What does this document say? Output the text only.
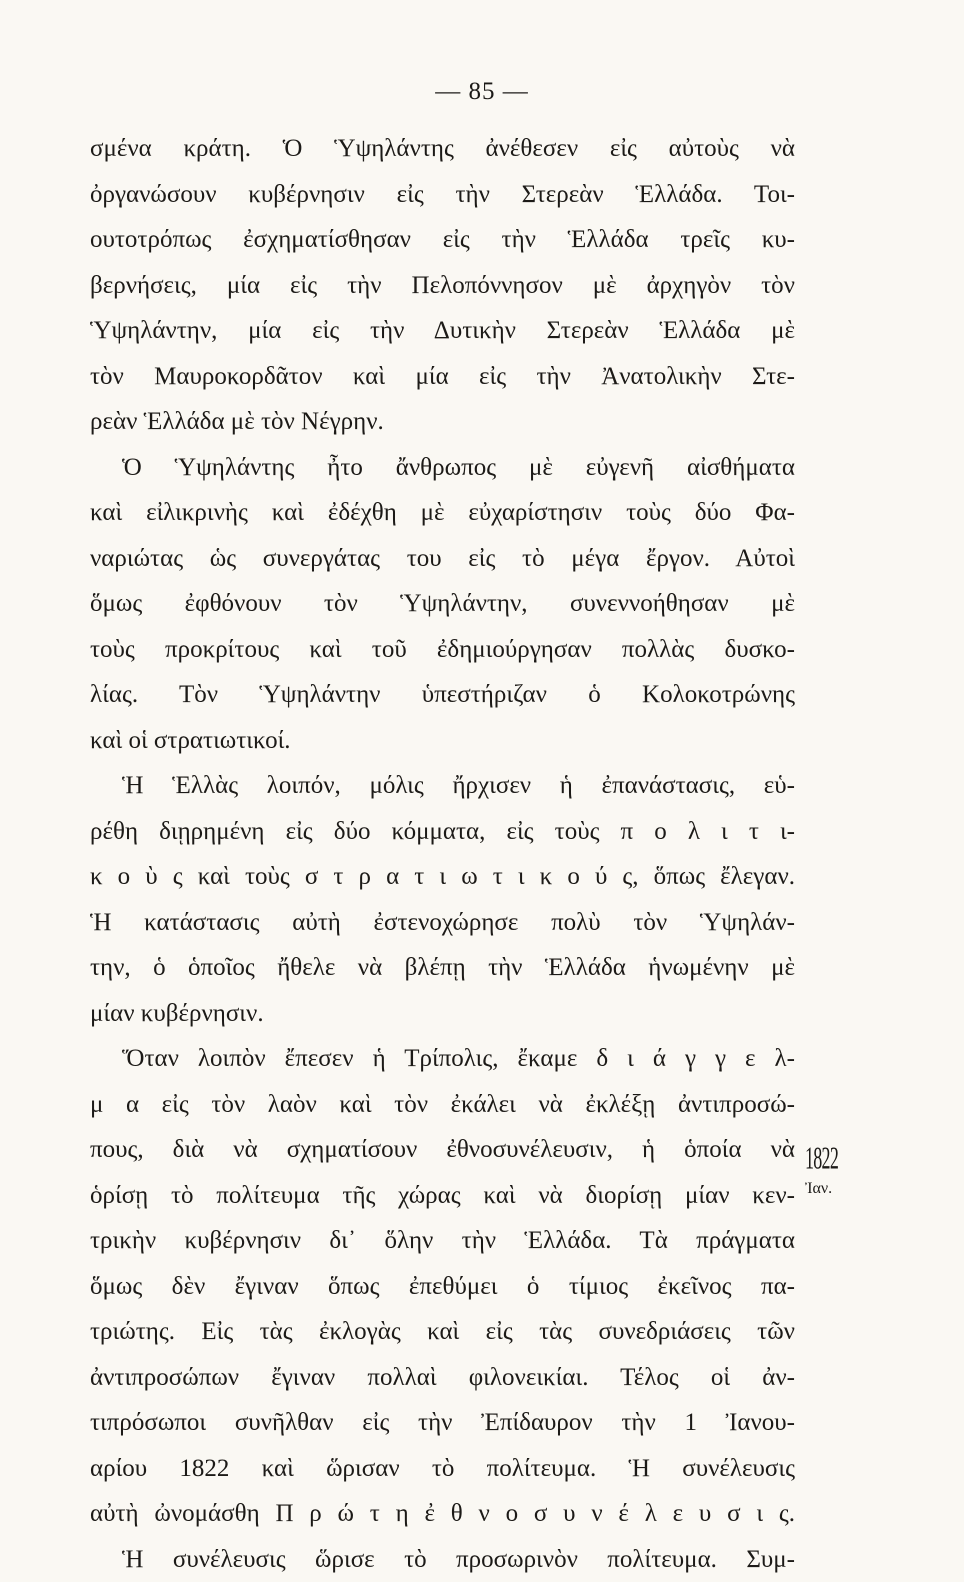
— 85 —
σμένα κράτη. Ὁ Ὑψηλάντης ἀνέθεσεν εἰς αὐτοὺς νὰ
ὀργανώσουν κυβέρνησιν εἰς τὴν Στερεὰν Ἑλλάδα. Τοι-
ουτοτρόπως ἐσχηματίσθησαν εἰς τὴν Ἑλλάδα τρεῖς κυ-
βερνήσεις, μία εἰς τὴν Πελοπόννησον μὲ ἀρχηγὸν τὸν
Ὑψηλάντην, μία εἰς τὴν Δυτικὴν Στερεὰν Ἑλλάδα μὲ
τὸν Μαυροκορδᾶτον καὶ μία εἰς τὴν Ἀνατολικὴν Στε-
ρεὰν Ἑλλάδα μὲ τὸν Νέγρην.
Ὁ Ὑψηλάντης ἦτο ἄνθρωπος μὲ εὐγενῆ αἰσθήματα
καὶ εἰλικρινὴς καὶ ἐδέχθη μὲ εὐχαρίστησιν τοὺς δύο Φα-
ναριώτας ὡς συνεργάτας του εἰς τὸ μέγα ἔργον. Αὐτοὶ
ὅμως ἐφθόνουν τὸν Ὑψηλάντην, συνεννοήθησαν μὲ
τοὺς προκρίτους καὶ τοῦ ἐδημιούργησαν πολλὰς δυσκο-
λίας. Τὸν Ὑψηλάντην ὑπεστήριζαν ὁ Κολοκοτρώνης
καὶ οἱ στρατιωτικοί.
Ἡ Ἑλλὰς λοιπόν, μόλις ἤρχισεν ἡ ἐπανάστασις, εὑ-
ρέθη διῃρημένη εἰς δύο κόμματα, εἰς τοὺς π ο λ ι τ ι-
κ ο ὺ ς καὶ τοὺς σ τ ρ α τ ι ω τ ι κ ο ύ ς, ὅπως ἔλεγαν.
Ἡ κατάστασις αὐτὴ ἐστενοχώρησε πολὺ τὸν Ὑψηλάν-
την, ὁ ὁποῖος ἤθελε νὰ βλέπῃ τὴν Ἑλλάδα ἡνωμένην μὲ
μίαν κυβέρνησιν.
Ὅταν λοιπὸν ἔπεσεν ἡ Τρίπολις, ἔκαμε δ ι ά γ γ ε λ-
μ α εἰς τὸν λαὸν καὶ τὸν ἐκάλει νὰ ἐκλέξῃ ἀντιπροσώ-
πους, διὰ νὰ σχηματίσουν ἐθνοσυνέλευσιν, ἡ ὁποία νὰ
ὁρίσῃ τὸ πολίτευμα τῆς χώρας καὶ νὰ διορίσῃ μίαν κεν-
τρικὴν κυβέρνησιν δι᾽ ὅλην τὴν Ἑλλάδα. Τὰ πράγματα
ὅμως δὲν ἔγιναν ὅπως ἐπεθύμει ὁ τίμιος ἐκεῖνος πα-
τριώτης. Εἰς τὰς ἐκλογὰς καὶ εἰς τὰς συνεδριάσεις τῶν
ἀντιπροσώπων ἔγιναν πολλαὶ φιλονεικίαι. Τέλος οἱ ἀν-
τιπρόσωποι συνῆλθαν εἰς τὴν Ἐπίδαυρον τὴν 1 Ἰανου-
αρίου 1822 καὶ ὥρισαν τὸ πολίτευμα. Ἡ συνέλευσις
αὐτὴ ὠνομάσθη Π ρ ώ τ η ἐ θ ν ο σ υ ν έ λ ε υ σ ι ς.
Ἡ συνέλευσις ὥρισε τὸ προσωρινὸν πολίτευμα. Συμ-
1822
Ἰαν.
